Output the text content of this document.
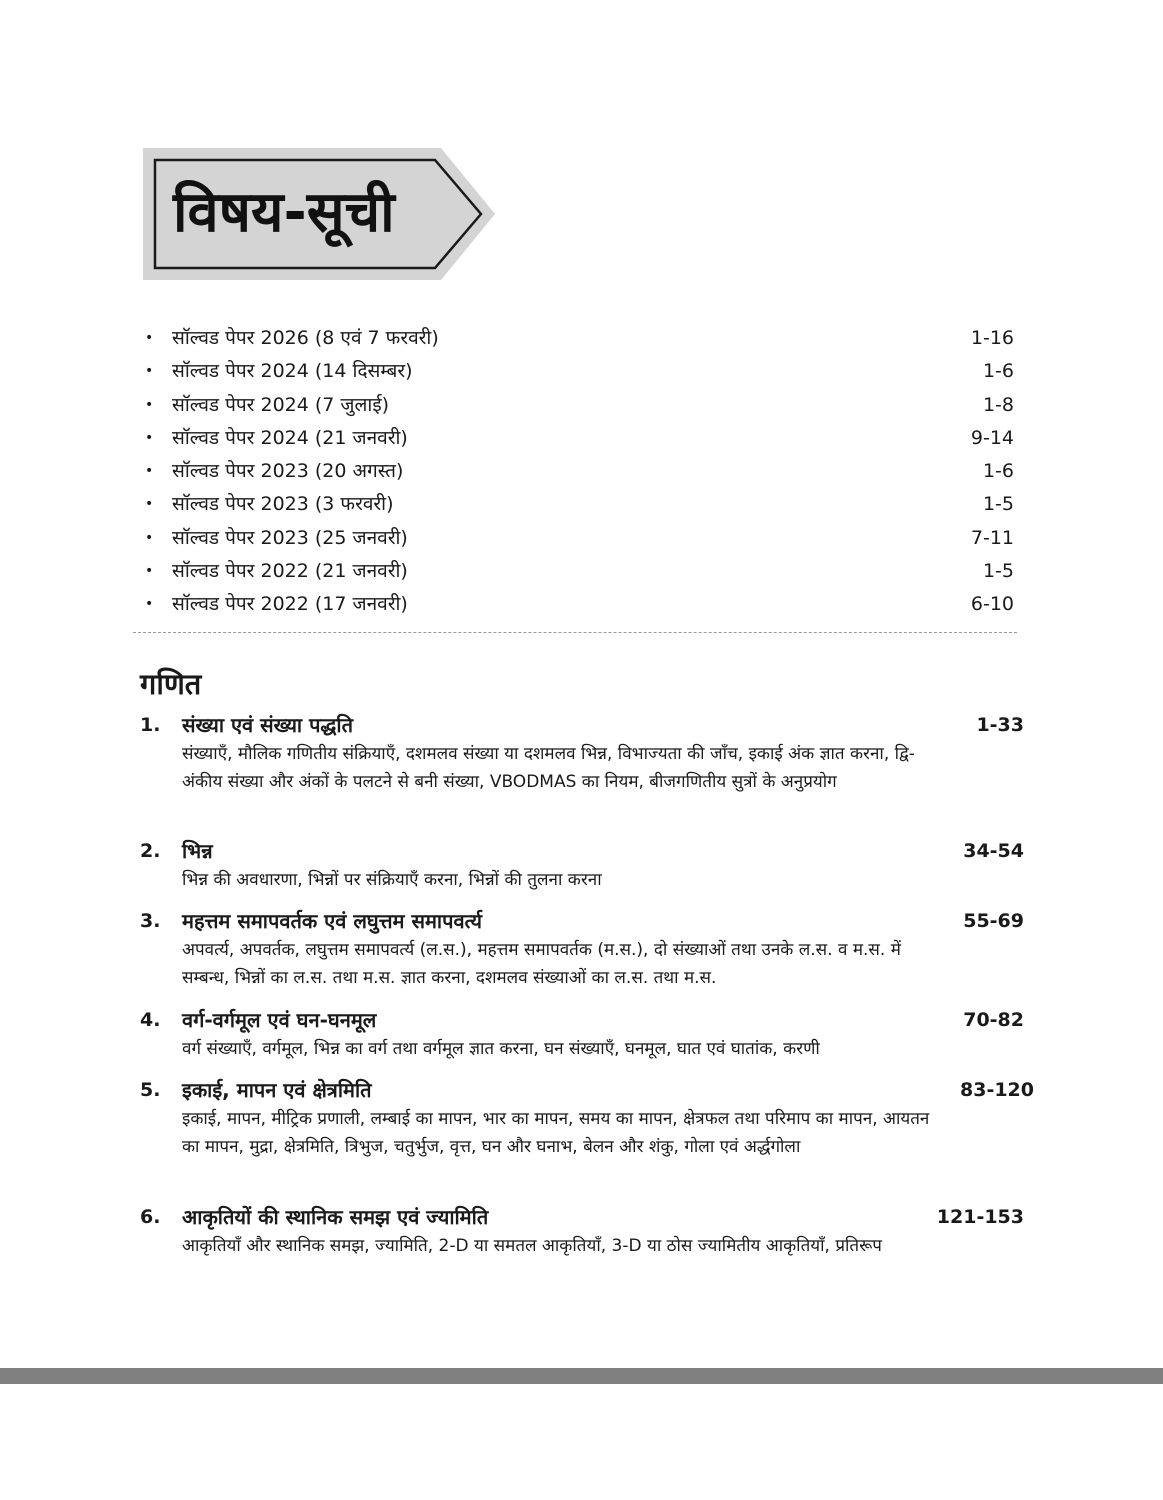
विषय-सूची
• सॉल्वड पेपर 2026 (8 एवं 7 फरवरी)	1-16
• सॉल्वड पेपर 2024 (14 दिसम्बर)	1-6
• सॉल्वड पेपर 2024 (7 जुलाई)	1-8
• सॉल्वड पेपर 2024 (21 जनवरी)	9-14
• सॉल्वड पेपर 2023 (20 अगस्त)	1-6
• सॉल्वड पेपर 2023 (3 फरवरी)	1-5
• सॉल्वड पेपर 2023 (25 जनवरी)	7-11
• सॉल्वड पेपर 2022 (21 जनवरी)	1-5
• सॉल्वड पेपर 2022 (17 जनवरी)	6-10
गणित
1. संख्या एवं संख्या पद्धति	1-33
संख्याएँ, मौलिक गणितीय संक्रियाएँ, दशमलव संख्या या दशमलव भिन्न, विभाज्यता की जाँच, इकाई अंक ज्ञात करना, द्वि-अंकीय संख्या और अंकों के पलटने से बनी संख्या, VBODMAS का नियम, बीजगणितीय सुत्रों के अनुप्रयोग
2. भिन्न	34-54
भिन्न की अवधारणा, भिन्नों पर संक्रियाएँ करना, भिन्नों की तुलना करना
3. महत्तम समापवर्तक एवं लघुत्तम समापवर्त्य	55-69
अपवर्त्य, अपवर्तक, लघुत्तम समापवर्त्य (ल.स.), महत्तम समापवर्तक (म.स.), दो संख्याओं तथा उनके ल.स. व म.स. में सम्बन्ध, भिन्नों का ल.स. तथा म.स. ज्ञात करना, दशमलव संख्याओं का ल.स. तथा म.स.
4. वर्ग-वर्गमूल एवं घन-घनमूल	70-82
वर्ग संख्याएँ, वर्गमूल, भिन्न का वर्ग तथा वर्गमूल ज्ञात करना, घन संख्याएँ, घनमूल, घात एवं घातांक, करणी
5. इकाई, मापन एवं क्षेत्रमिति	83-120
इकाई, मापन, मीट्रिक प्रणाली, लम्बाई का मापन, भार का मापन, समय का मापन, क्षेत्रफल तथा परिमाप का मापन, आयतन का मापन, मुद्रा, क्षेत्रमिति, त्रिभुज, चतुर्भुज, वृत्त, घन और घनाभ, बेलन और शंकु, गोला एवं अर्द्धगोला
6. आकृतियों की स्थानिक समझ एवं ज्यामिति	121-153
आकृतियाँ और स्थानिक समझ, ज्यामिति, 2-D या समतल आकृतियाँ, 3-D या ठोस ज्यामितीय आकृतियाँ, प्रतिरूप
